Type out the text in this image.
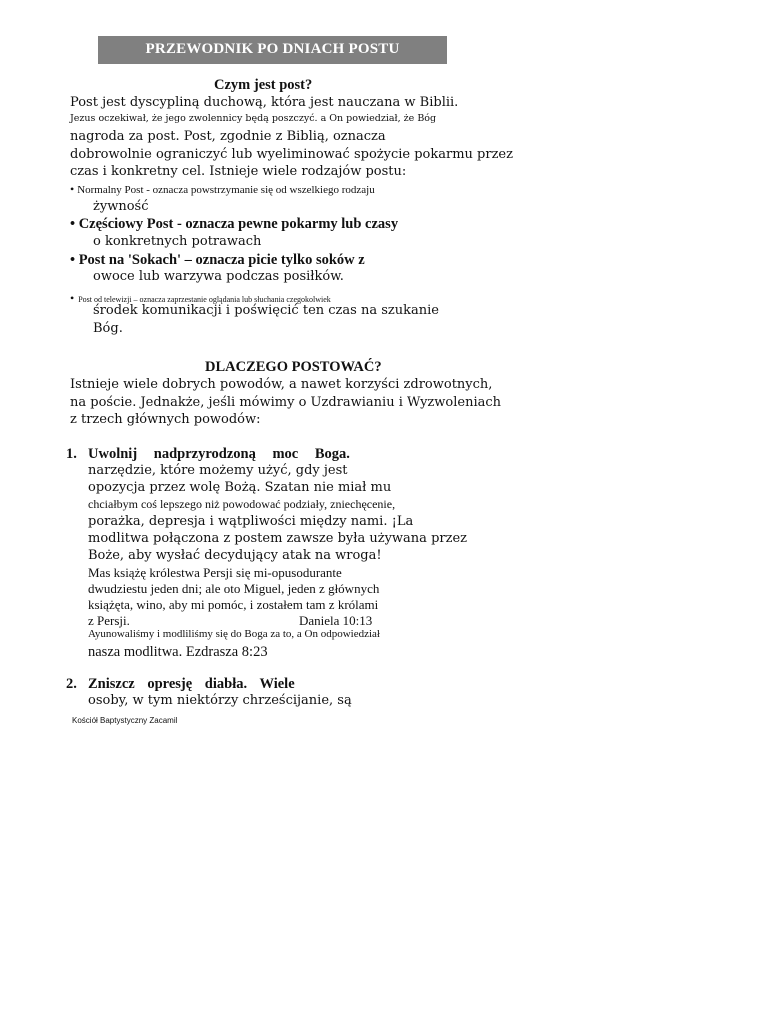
PRZEWODNIK PO DNIACH POSTU
Czym jest post?
Post jest dyscypliną duchową, która jest nauczana w Biblii.
Jezus oczekiwał, że jego zwolennicy będą poszczyć. a On powiedział, że Bóg
nagroda za post. Post, zgodnie z Biblią, oznacza
dobrowolnie ograniczyć lub wyeliminować spożycie pokarmu przez
czas i konkretny cel. Istnieje wiele rodzajów postu:
• Normalny Post - oznacza powstrzymanie się od wszelkiego rodzaju
żywność
• Częściowy Post - oznacza pewne pokarmy lub czasy
o konkretnych potrawach
• Post na 'Sokach' – oznacza picie tylko soków z
owoce lub warzywa podczas posiłków.
• Post od telewizji – oznacza zaprzestanie oglądania lub słuchania czegokolwiek
środek komunikacji i poświęcić ten czas na szukanie
Bóg.
DLACZEGO POSTOWAĆ?
Istnieje wiele dobrych powodów, a nawet korzyści zdrowotnych,
na poście. Jednakże, jeśli mówimy o Uzdrawianiu i Wyzwoleniach
z trzech głównych powodów:
1. Uwolnij nadprzyrodzoną moc Boga.
narzędzie, które możemy użyć, gdy jest
opozycja przez wolę Bożą. Szatan nie miał mu
chciałbym coś lepszego niż powodować podziały, zniechęcenie,
porażka, depresja i wątpliwości między nami. ¡La
modlitwa połączona z postem zawsze była używana przez
Boże, aby wysłać decydujący atak na wroga!
Mas książę królestwa Persji się mi-opusodurante
dwudziestu jeden dni; ale oto Miguel, jeden z głównych
książęta, wino, aby mi pomóc, i zostałem tam z królami
z Persji.	Daniela 10:13
Ayunowaliśmy i modliliśmy się do Boga za to, a On odpowiedział
nasza modlitwa. Ezdrasza 8:23
2. Zniszcz opresję diabła. Wiele
osoby, w tym niektórzy chrześcijanie, są
Kościół Baptystyczny Zacamil
